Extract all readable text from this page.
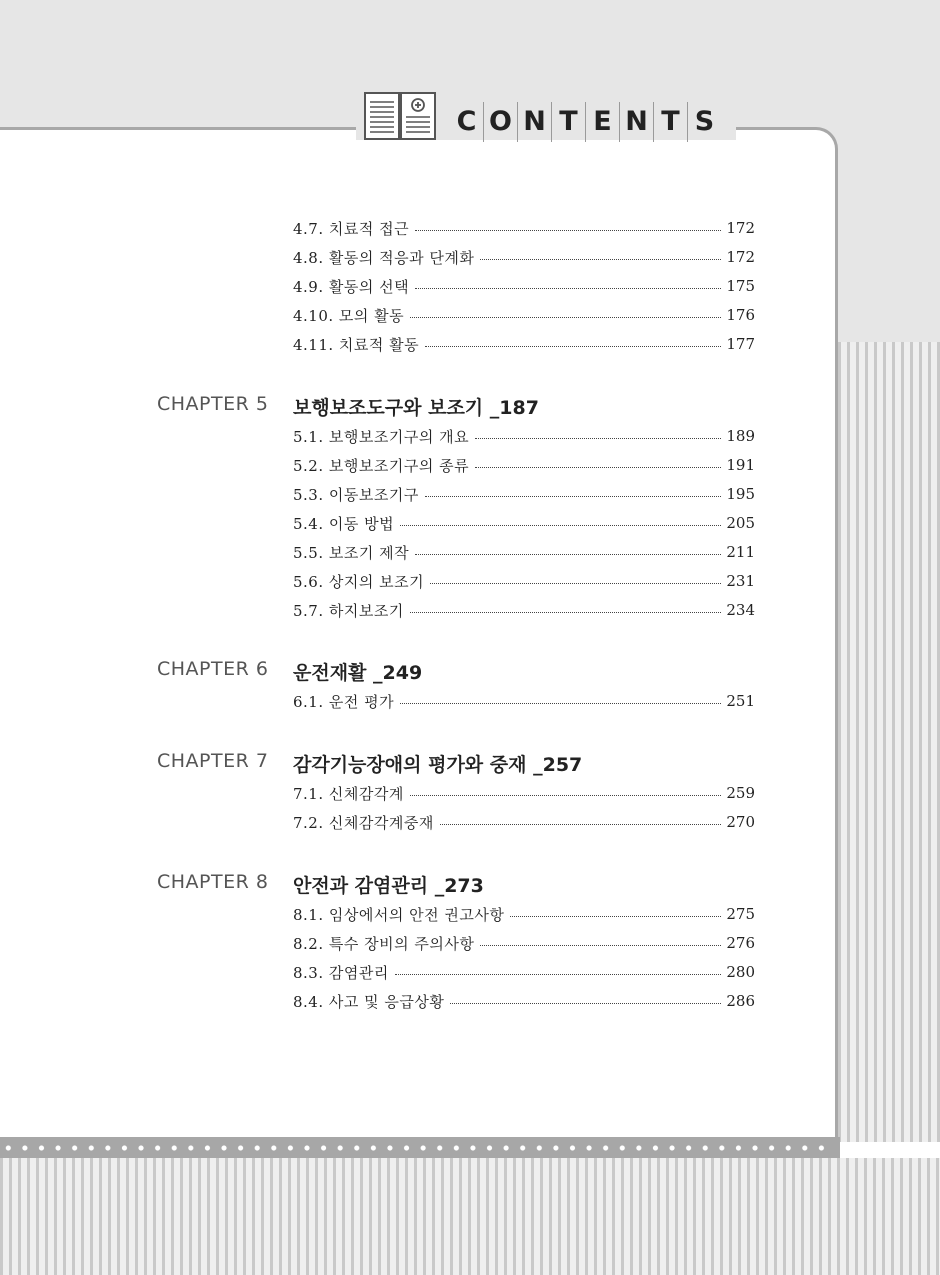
C O N T E N T S
4.7. 치료적 접근	172
4.8. 활동의 적응과 단계화	172
4.9. 활동의 선택	175
4.10. 모의 활동	176
4.11. 치료적 활동	177
CHAPTER 5 보행보조도구와 보조기 _187
5.1. 보행보조기구의 개요	189
5.2. 보행보조기구의 종류	191
5.3. 이동보조기구	195
5.4. 이동 방법	205
5.5. 보조기 제작	211
5.6. 상지의 보조기	231
5.7. 하지보조기	234
CHAPTER 6 운전재활 _249
6.1. 운전 평가	251
CHAPTER 7 감각기능장애의 평가와 중재 _257
7.1. 신체감각계	259
7.2. 신체감각계중재	270
CHAPTER 8 안전과 감염관리 _273
8.1. 임상에서의 안전 권고사항	275
8.2. 특수 장비의 주의사항	276
8.3. 감염관리	280
8.4. 사고 및 응급상황	286
